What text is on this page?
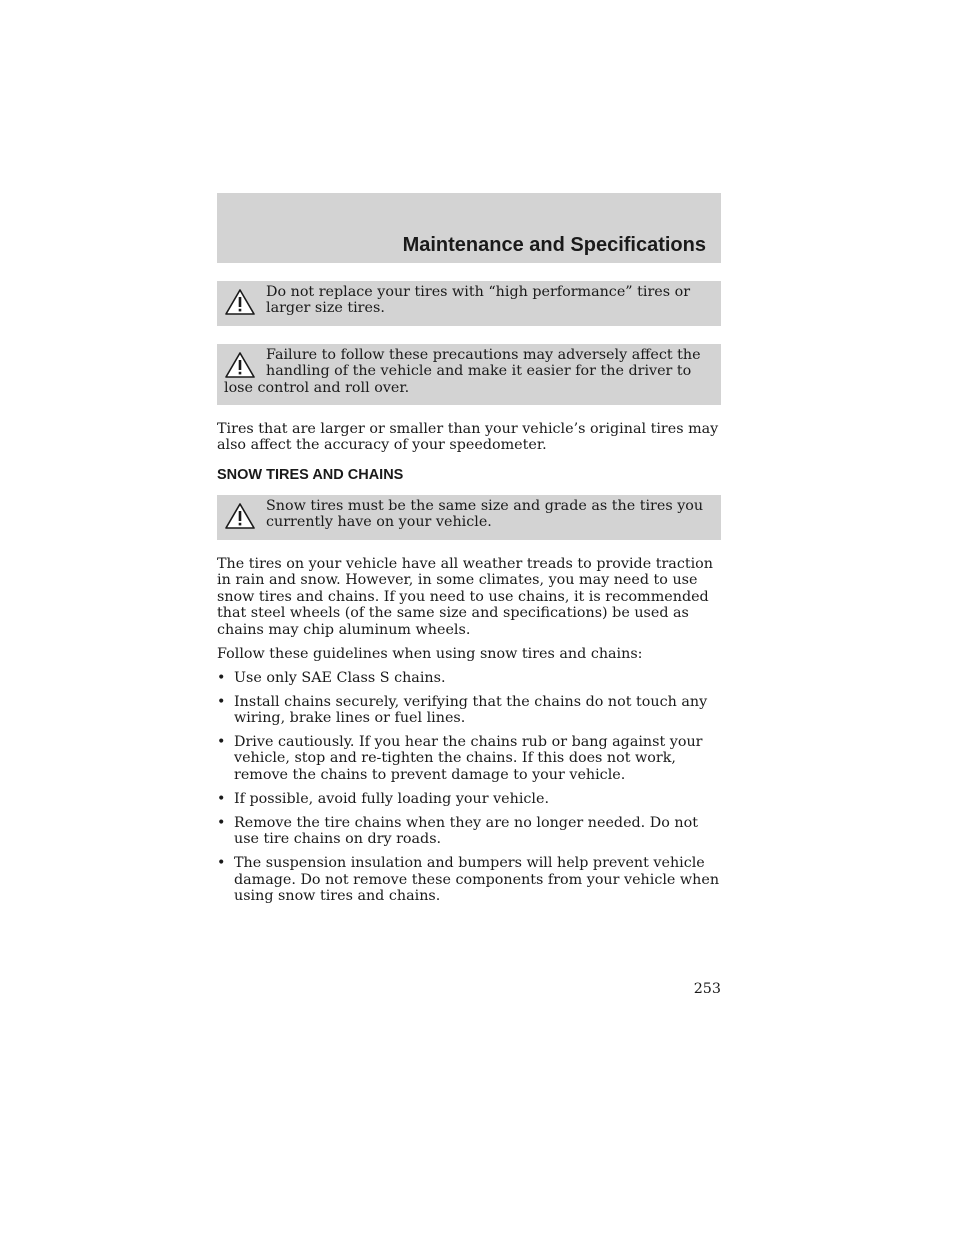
Maintenance and Specifications

Do not replace your tires with “high performance” tires or larger size tires.

Failure to follow these precautions may adversely affect the handling of the vehicle and make it easier for the driver to lose control and roll over.

Tires that are larger or smaller than your vehicle’s original tires may also affect the accuracy of your speedometer.

SNOW TIRES AND CHAINS

Snow tires must be the same size and grade as the tires you currently have on your vehicle.

The tires on your vehicle have all weather treads to provide traction in rain and snow. However, in some climates, you may need to use snow tires and chains. If you need to use chains, it is recommended that steel wheels (of the same size and specifications) be used as chains may chip aluminum wheels.

Follow these guidelines when using snow tires and chains:

• Use only SAE Class S chains.
• Install chains securely, verifying that the chains do not touch any wiring, brake lines or fuel lines.
• Drive cautiously. If you hear the chains rub or bang against your vehicle, stop and re-tighten the chains. If this does not work, remove the chains to prevent damage to your vehicle.
• If possible, avoid fully loading your vehicle.
• Remove the tire chains when they are no longer needed. Do not use tire chains on dry roads.
• The suspension insulation and bumpers will help prevent vehicle damage. Do not remove these components from your vehicle when using snow tires and chains.

253
